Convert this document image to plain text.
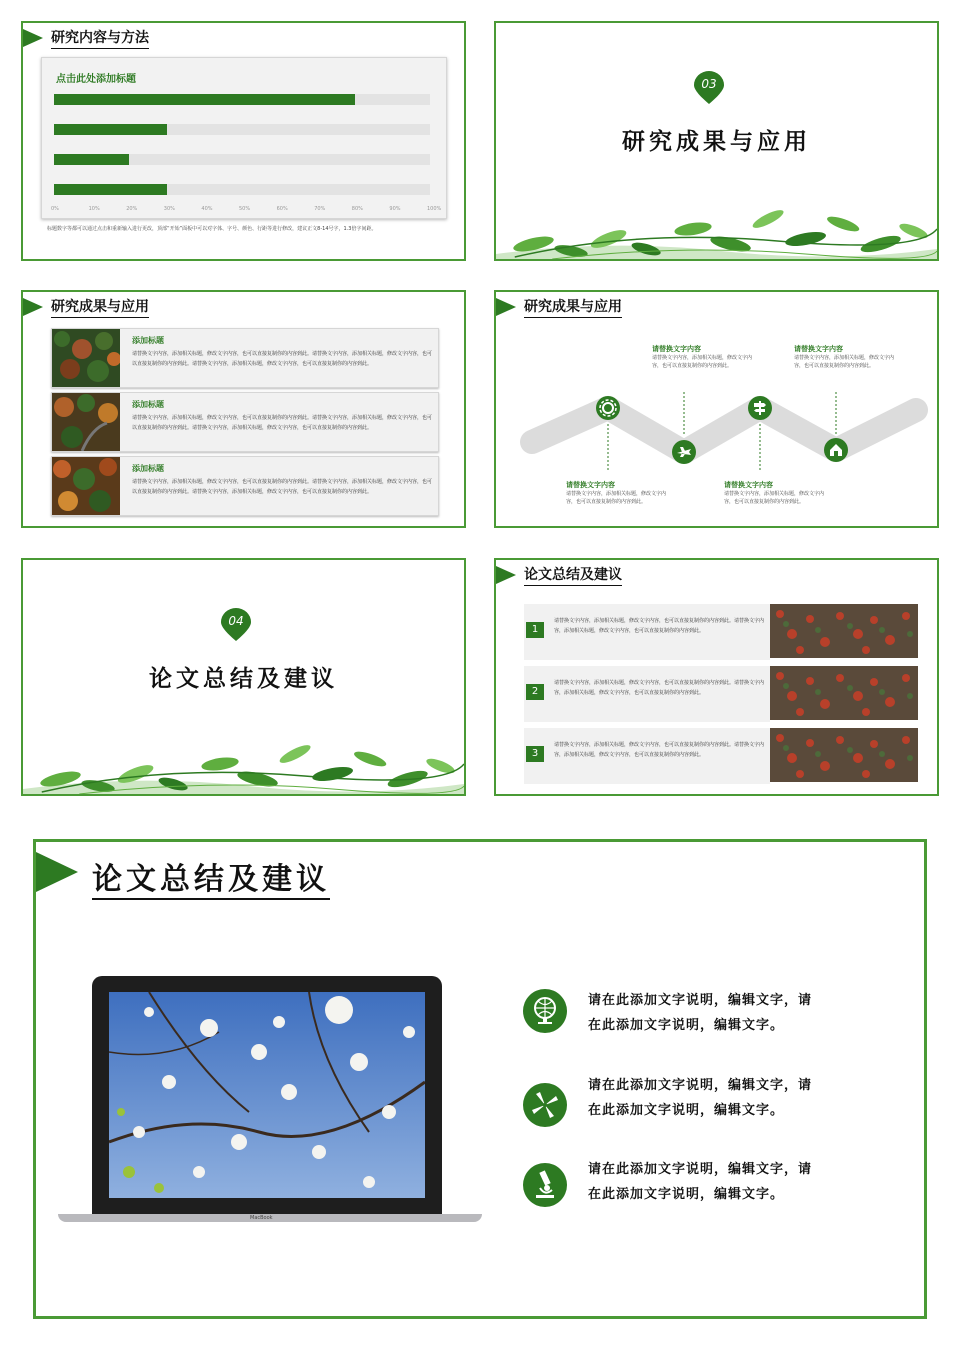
研究内容与方法
点击此处添加标题
0%	10%	20%	30%	40%	50%	60%	70%	80%	90%	100%
标题数字等都可以通过点击和重新输入进行更改，顶部“开始”面板中可以对字体、字号、颜色、行距等进行修改，建议正文8-14号字，1.3倍字间距。
03
研究成果与应用
研究成果与应用
添加标题
请替换文字内容，添加相关标题，修改文字内容，也可以直接复制你的内容到此。请替换文字内容，添加相关标题，修改文字内容，也可以直接复制你的内容到此。请替换文字内容，添加相关标题，修改文字内容，也可以直接复制你的内容到此。
添加标题
请替换文字内容，添加相关标题，修改文字内容，也可以直接复制你的内容到此。请替换文字内容，添加相关标题，修改文字内容，也可以直接复制你的内容到此。请替换文字内容，添加相关标题，修改文字内容，也可以直接复制你的内容到此。
添加标题
请替换文字内容，添加相关标题，修改文字内容，也可以直接复制你的内容到此。请替换文字内容，添加相关标题，修改文字内容，也可以直接复制你的内容到此。请替换文字内容，添加相关标题，修改文字内容，也可以直接复制你的内容到此。
研究成果与应用
请替换文字内容
请替换文字内容，添加相关标题，修改文字内容，也可以直接复制你的内容到此。
请替换文字内容
请替换文字内容，添加相关标题，修改文字内容，也可以直接复制你的内容到此。
请替换文字内容
请替换文字内容，添加相关标题，修改文字内容，也可以直接复制你的内容到此。
请替换文字内容
请替换文字内容，添加相关标题，修改文字内容，也可以直接复制你的内容到此。
04
论文总结及建议
论文总结及建议
1
请替换文字内容，添加相关标题，修改文字内容，也可以直接复制你的内容到此。请替换文字内容，添加相关标题，修改文字内容，也可以直接复制你的内容到此。
2
请替换文字内容，添加相关标题，修改文字内容，也可以直接复制你的内容到此。请替换文字内容，添加相关标题，修改文字内容，也可以直接复制你的内容到此。
3
请替换文字内容，添加相关标题，修改文字内容，也可以直接复制你的内容到此。请替换文字内容，添加相关标题，修改文字内容，也可以直接复制你的内容到此。
论文总结及建议
MacBook
请在此添加文字说明，编辑文字，请
在此添加文字说明，编辑文字。
请在此添加文字说明，编辑文字，请
在此添加文字说明，编辑文字。
请在此添加文字说明，编辑文字，请
在此添加文字说明，编辑文字。
